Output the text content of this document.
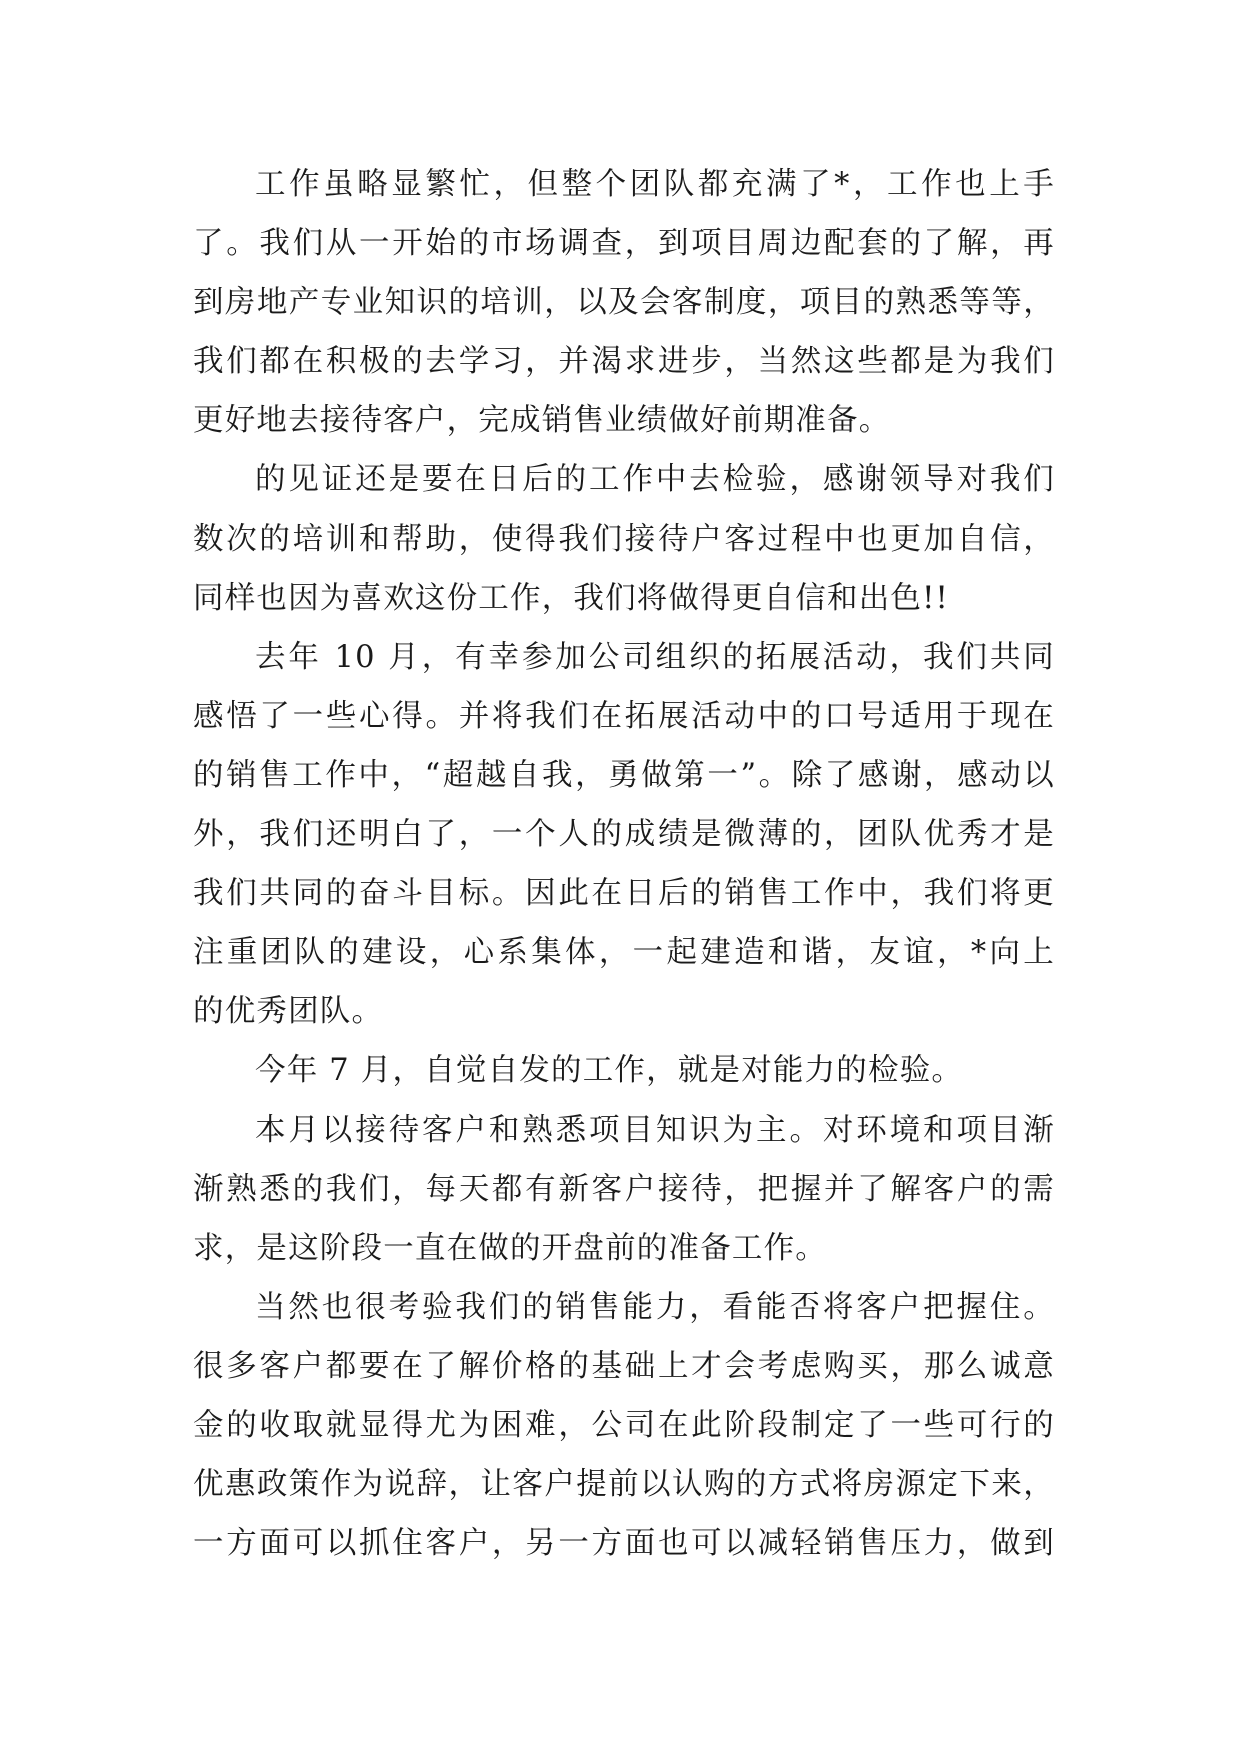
工作虽略显繁忙，但整个团队都充满了*，工作也上手
了。我们从一开始的市场调查，到项目周边配套的了解，再
到房地产专业知识的培训，以及会客制度，项目的熟悉等等，
我们都在积极的去学习，并渴求进步，当然这些都是为我们
更好地去接待客户，完成销售业绩做好前期准备。
的见证还是要在日后的工作中去检验，感谢领导对我们
数次的培训和帮助，使得我们接待户客过程中也更加自信，
同样也因为喜欢这份工作，我们将做得更自信和出色!!
去年 10 月，有幸参加公司组织的拓展活动，我们共同
感悟了一些心得。并将我们在拓展活动中的口号适用于现在
的销售工作中，“超越自我，勇做第一”。除了感谢，感动以
外，我们还明白了，一个人的成绩是微薄的，团队优秀才是
我们共同的奋斗目标。因此在日后的销售工作中，我们将更
注重团队的建设，心系集体，一起建造和谐，友谊，*向上
的优秀团队。
今年 7 月，自觉自发的工作，就是对能力的检验。
本月以接待客户和熟悉项目知识为主。对环境和项目渐
渐熟悉的我们，每天都有新客户接待，把握并了解客户的需
求，是这阶段一直在做的开盘前的准备工作。
当然也很考验我们的销售能力，看能否将客户把握住。
很多客户都要在了解价格的基础上才会考虑购买，那么诚意
金的收取就显得尤为困难，公司在此阶段制定了一些可行的
优惠政策作为说辞，让客户提前以认购的方式将房源定下来，
一方面可以抓住客户，另一方面也可以减轻销售压力，做到
